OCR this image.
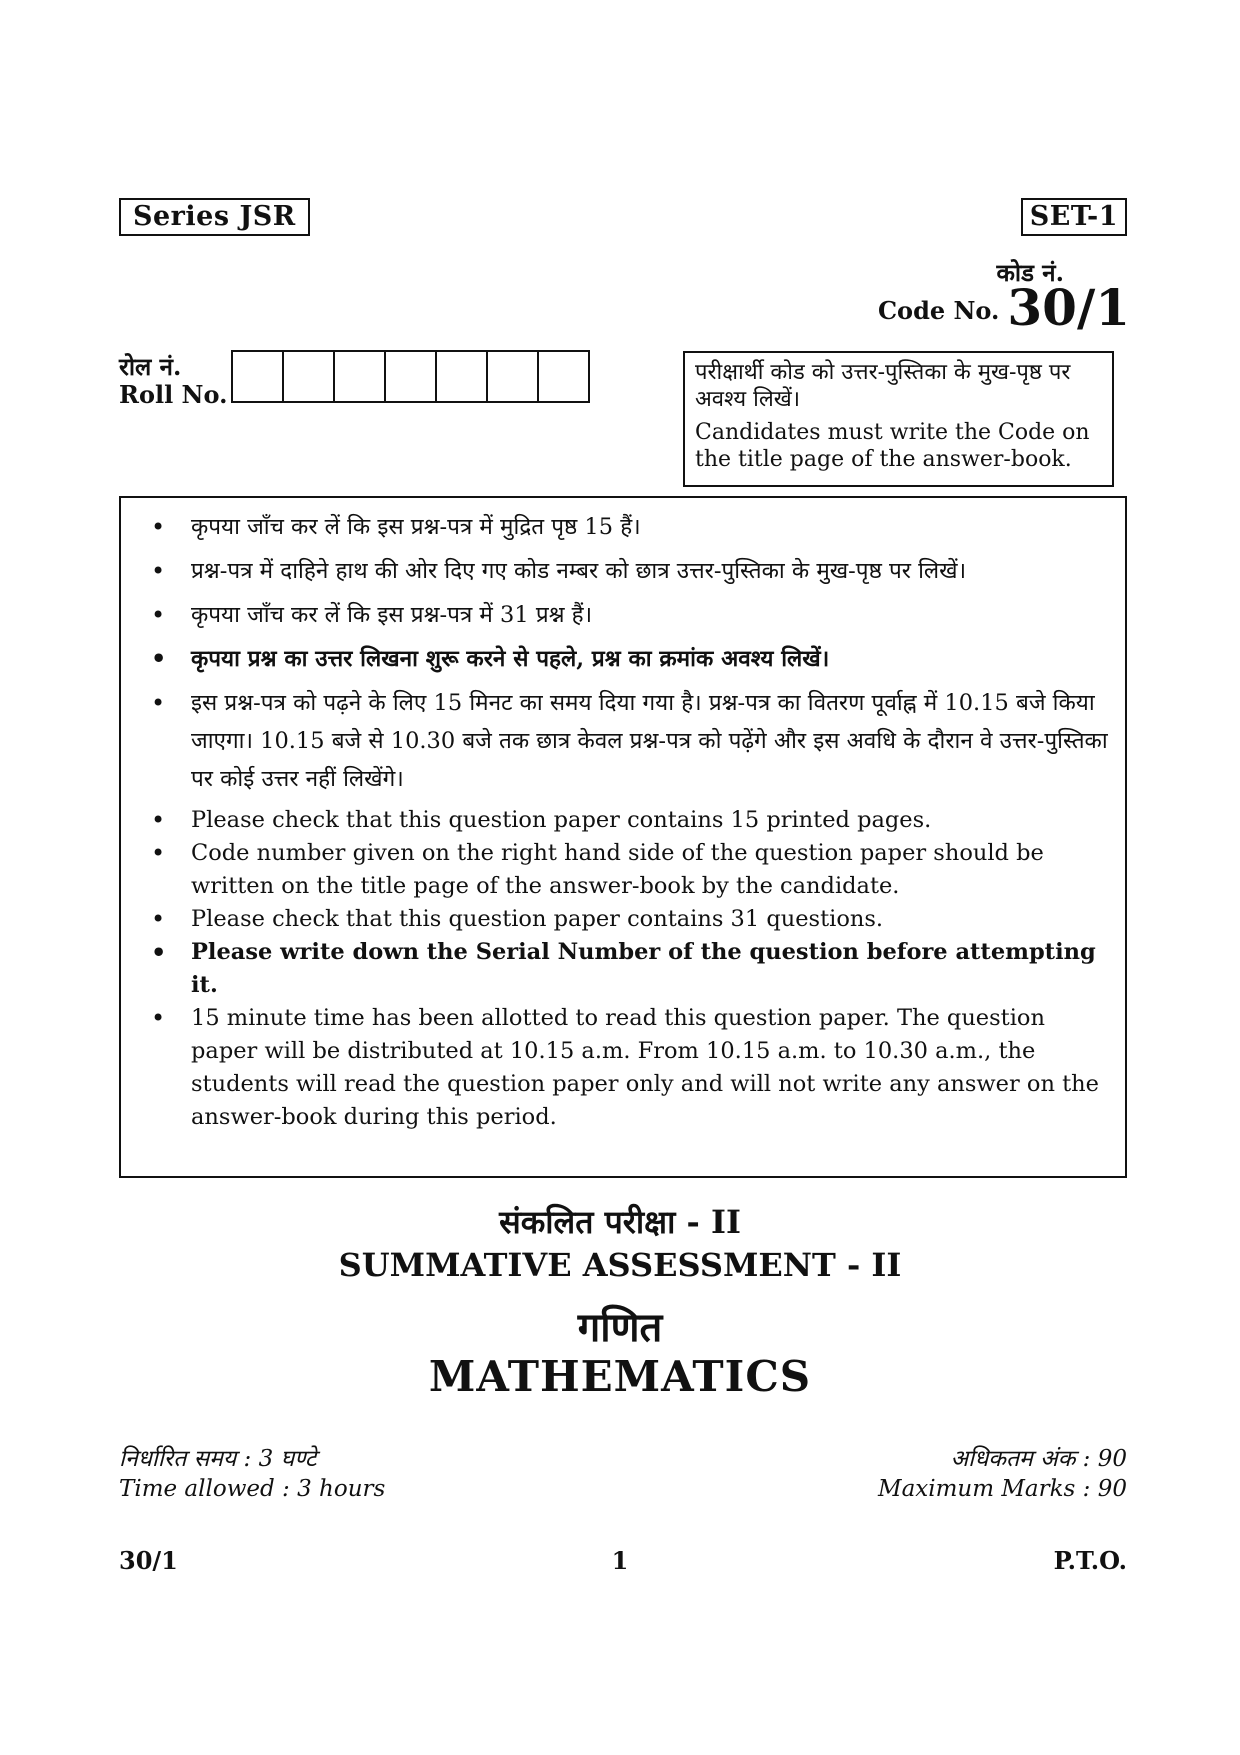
Series JSR	SET-1
कोड नं.
Code No. 30/1
रोल नं.
Roll No.
परीक्षार्थी कोड को उत्तर-पुस्तिका के मुख-पृष्ठ पर अवश्य लिखें।
Candidates must write the Code on the title page of the answer-book.
•	कृपया जाँच कर लें कि इस प्रश्न-पत्र में मुद्रित पृष्ठ 15 हैं।
•	प्रश्न-पत्र में दाहिने हाथ की ओर दिए गए कोड नम्बर को छात्र उत्तर-पुस्तिका के मुख-पृष्ठ पर लिखें।
•	कृपया जाँच कर लें कि इस प्रश्न-पत्र में 31 प्रश्न हैं।
•	कृपया प्रश्न का उत्तर लिखना शुरू करने से पहले, प्रश्न का क्रमांक अवश्य लिखें।
•	इस प्रश्न-पत्र को पढ़ने के लिए 15 मिनट का समय दिया गया है। प्रश्न-पत्र का वितरण पूर्वाह्न में 10.15 बजे किया जाएगा। 10.15 बजे से 10.30 बजे तक छात्र केवल प्रश्न-पत्र को पढ़ेंगे और इस अवधि के दौरान वे उत्तर-पुस्तिका पर कोई उत्तर नहीं लिखेंगे।
•	Please check that this question paper contains 15 printed pages.
•	Code number given on the right hand side of the question paper should be written on the title page of the answer-book by the candidate.
•	Please check that this question paper contains 31 questions.
•	Please write down the Serial Number of the question before attempting it.
•	15 minute time has been allotted to read this question paper. The question paper will be distributed at 10.15 a.m. From 10.15 a.m. to 10.30 a.m., the students will read the question paper only and will not write any answer on the answer-book during this period.
संकलित परीक्षा - II
SUMMATIVE ASSESSMENT - II
गणित
MATHEMATICS
निर्धारित समय : 3 घण्टे
Time allowed : 3 hours
अधिकतम अंक : 90
Maximum Marks : 90
30/1	1	P.T.O.
